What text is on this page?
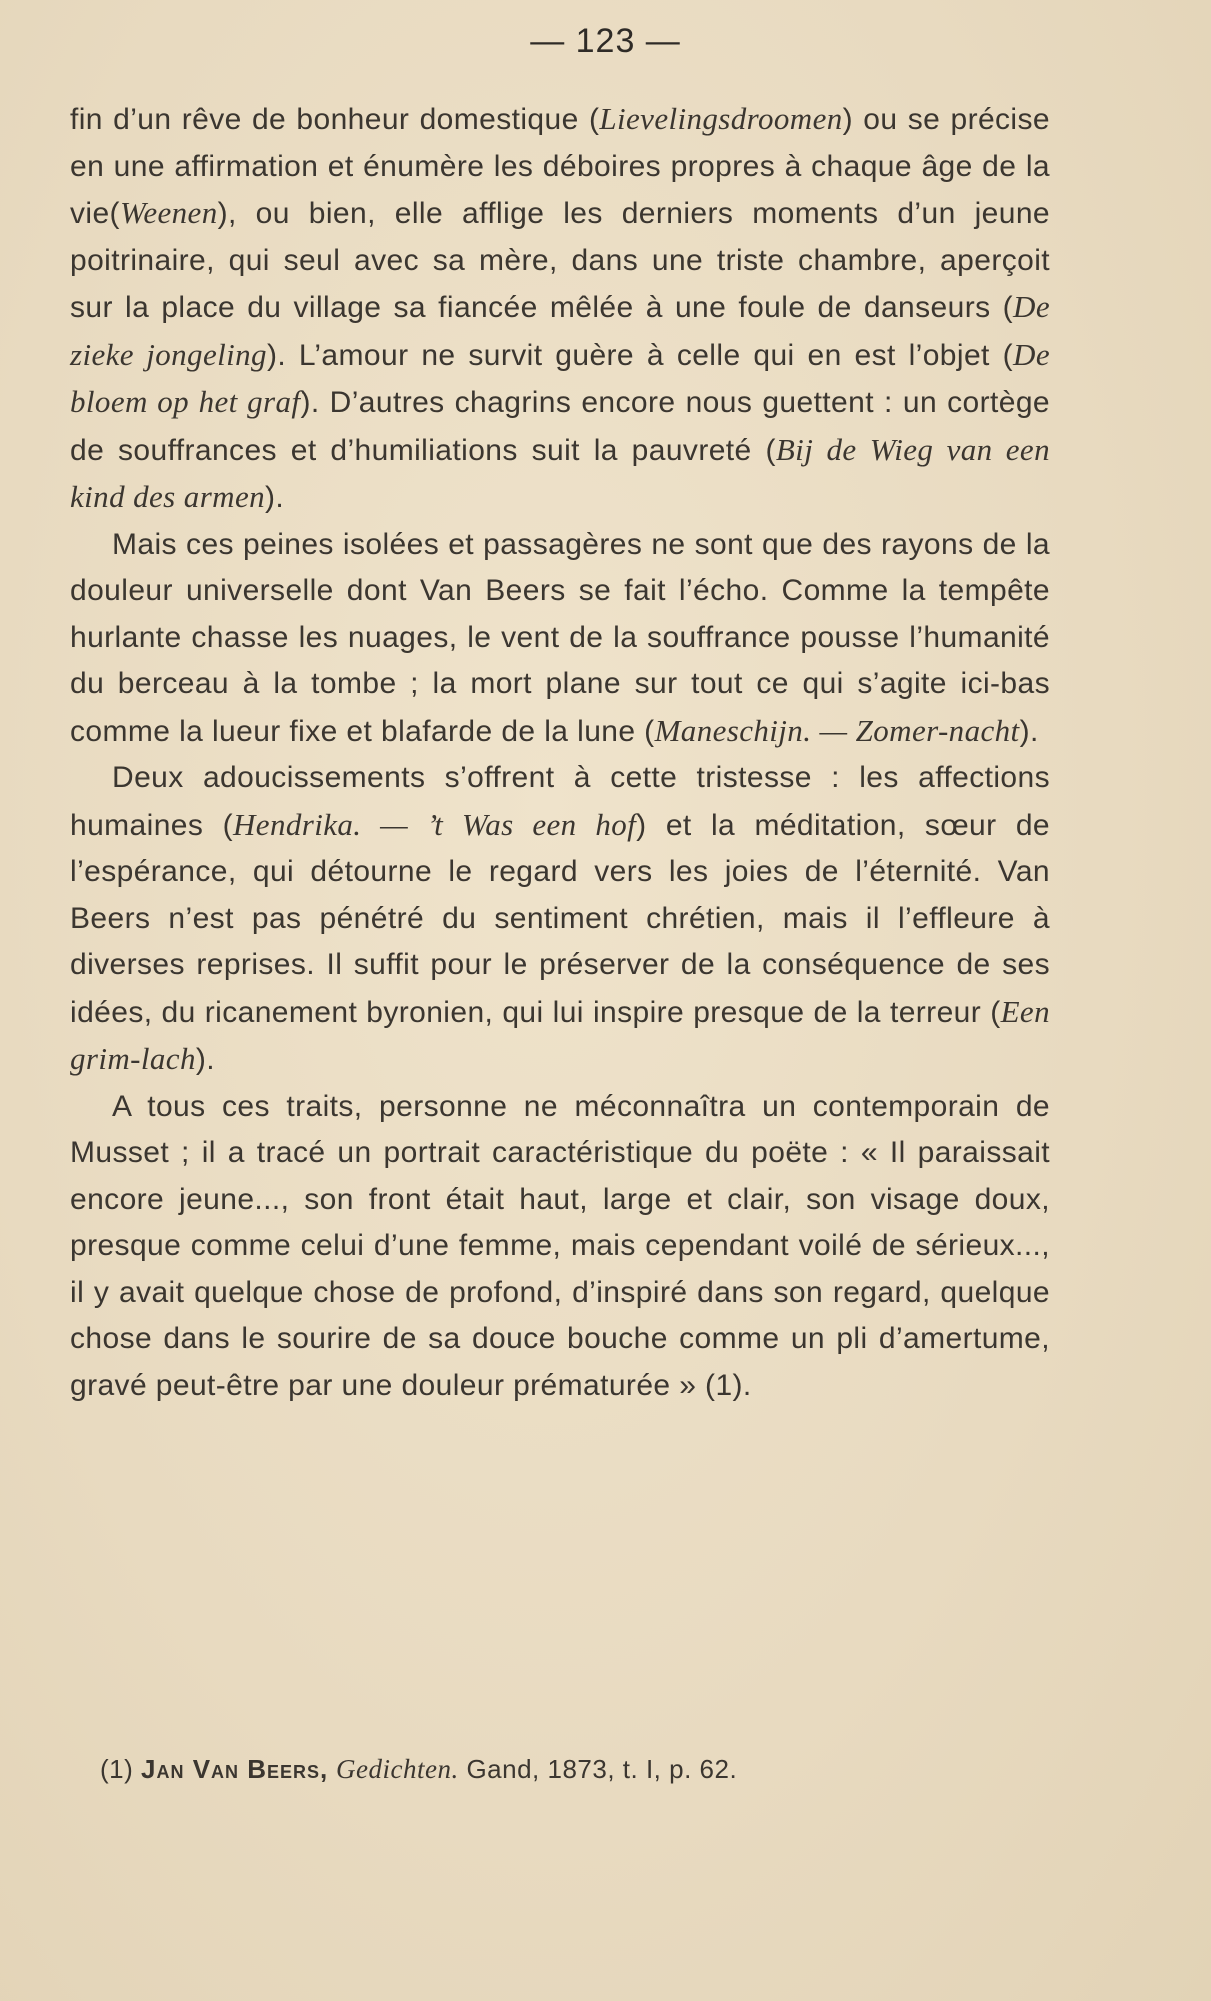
— 123 —

fin d’un rêve de bonheur domestique (Lievelingsdroomen) ou se précise en une affirmation et énumère les déboires propres à chaque âge de la vie(Weenen), ou bien, elle afflige les derniers moments d’un jeune poitrinaire, qui seul avec sa mère, dans une triste chambre, aperçoit sur la place du village sa fiancée mêlée à une foule de danseurs (De zieke jongeling). L’amour ne survit guère à celle qui en est l’objet (De bloem op het graf). D’autres chagrins encore nous guettent : un cortège de souffrances et d’humiliations suit la pauvreté (Bij de Wieg van een kind des armen).

Mais ces peines isolées et passagères ne sont que des rayons de la douleur universelle dont Van Beers se fait l’écho. Comme la tempête hurlante chasse les nuages, le vent de la souffrance pousse l’humanité du berceau à la tombe ; la mort plane sur tout ce qui s’agite ici-bas comme la lueur fixe et blafarde de la lune (Maneschijn. — Zomer-nacht).

Deux adoucissements s’offrent à cette tristesse : les affections humaines (Hendrika. — ’t Was een hof) et la méditation, sœur de l’espérance, qui détourne le regard vers les joies de l’éternité. Van Beers n’est pas pénétré du sentiment chrétien, mais il l’effleure à diverses reprises. Il suffit pour le préserver de la conséquence de ses idées, du ricanement byronien, qui lui inspire presque de la terreur (Een grim-lach).

A tous ces traits, personne ne méconnaîtra un contemporain de Musset ; il a tracé un portrait caractéristique du poëte : « Il paraissait encore jeune..., son front était haut, large et clair, son visage doux, presque comme celui d’une femme, mais cependant voilé de sérieux..., il y avait quelque chose de profond, d’inspiré dans son regard, quelque chose dans le sourire de sa douce bouche comme un pli d’amertume, gravé peut-être par une douleur prématurée » (1).

(1) Jan Van Beers, Gedichten. Gand, 1873, t. I, p. 62.
